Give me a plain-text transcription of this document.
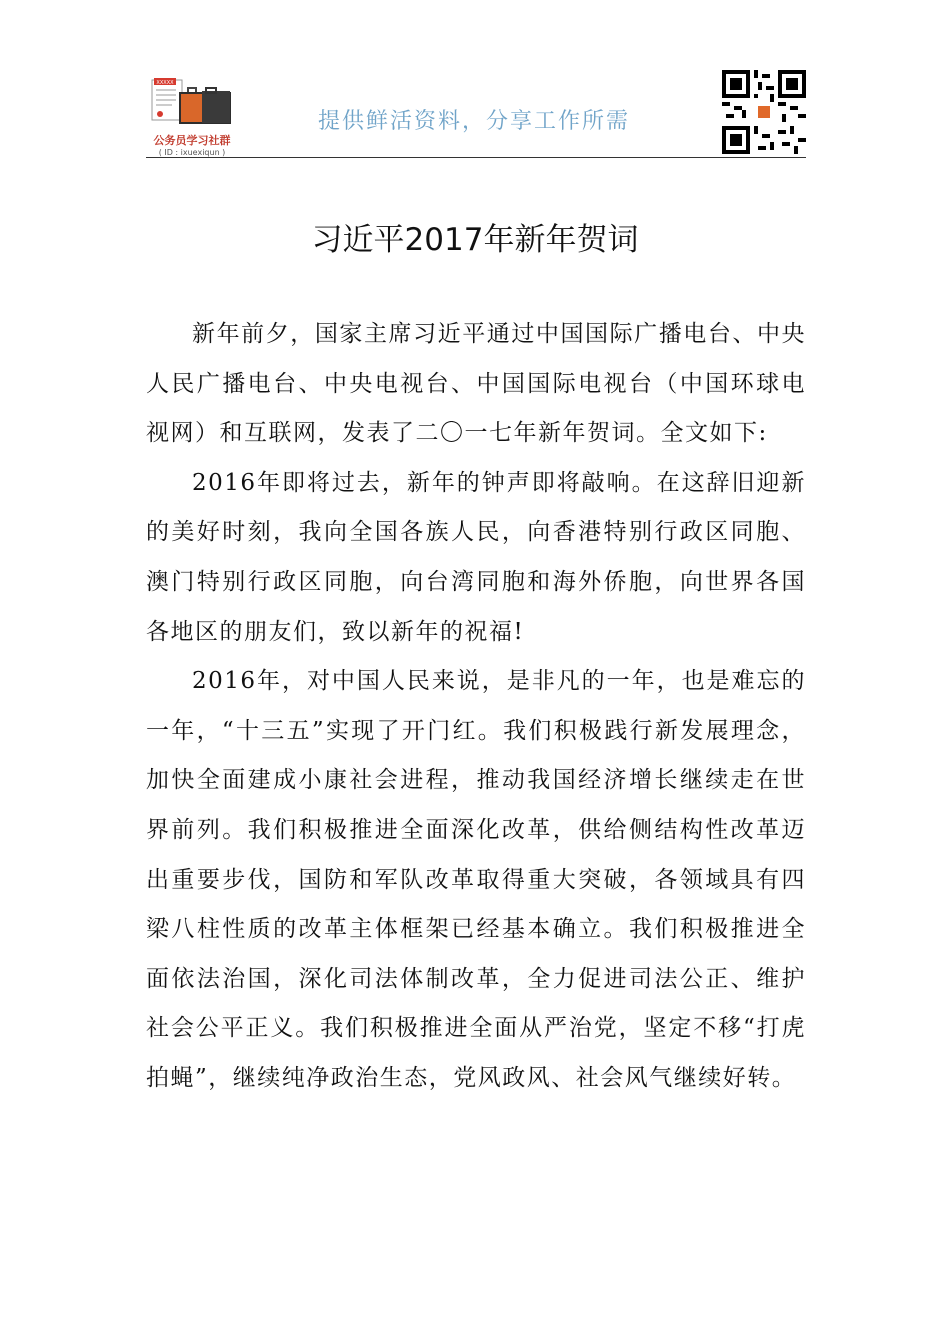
XXXXX
公务员学习社群
( ID : ixuexiqun )
提供鲜活资料，分享工作所需
习近平2017年新年贺词

新年前夕，国家主席习近平通过中国国际广播电台、中央人民广播电台、中央电视台、中国国际电视台（中国环球电视网）和互联网，发表了二〇一七年新年贺词。全文如下:

2016年即将过去，新年的钟声即将敲响。在这辞旧迎新的美好时刻，我向全国各族人民，向香港特别行政区同胞、澳门特别行政区同胞，向台湾同胞和海外侨胞，向世界各国各地区的朋友们，致以新年的祝福!

2016年，对中国人民来说，是非凡的一年，也是难忘的一年，“十三五”实现了开门红。我们积极践行新发展理念，加快全面建成小康社会进程，推动我国经济增长继续走在世界前列。我们积极推进全面深化改革，供给侧结构性改革迈出重要步伐，国防和军队改革取得重大突破，各领域具有四梁八柱性质的改革主体框架已经基本确立。我们积极推进全面依法治国，深化司法体制改革，全力促进司法公正、维护社会公平正义。我们积极推进全面从严治党，坚定不移“打虎拍蝇”，继续纯净政治生态，党风政风、社会风气继续好转。
